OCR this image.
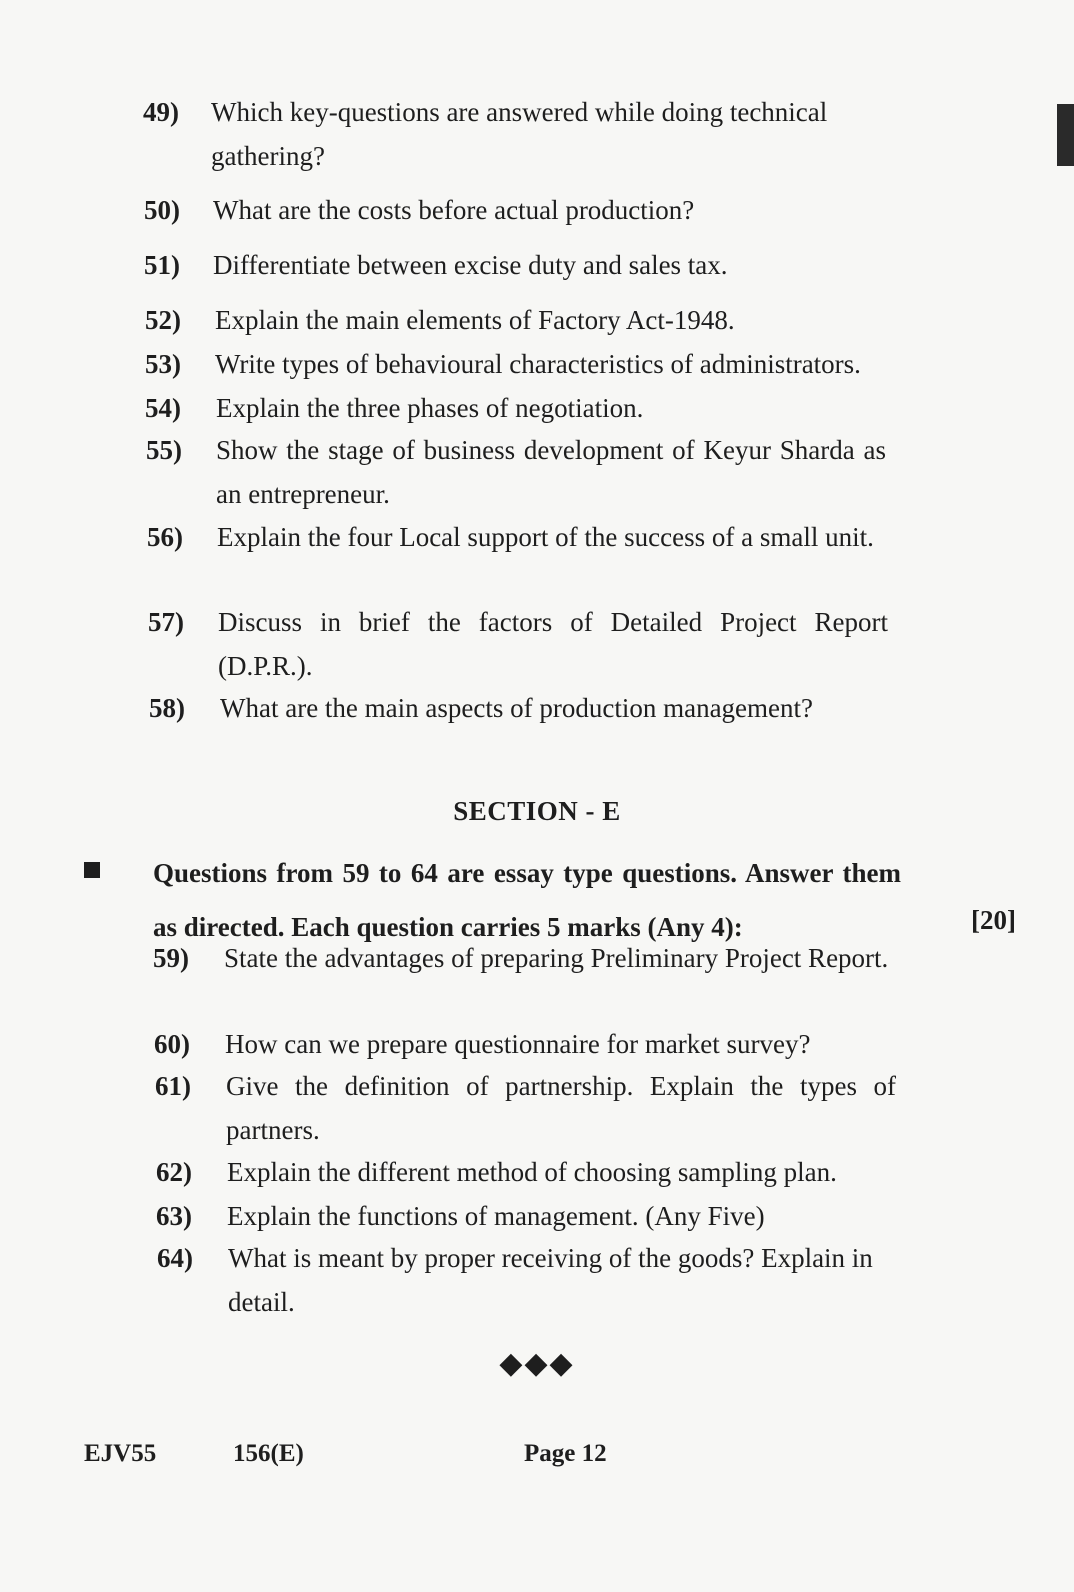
49)	Which key-questions are answered while doing technical gathering?
50)	What are the costs before actual production?
51)	Differentiate between excise duty and sales tax.
52)	Explain the main elements of Factory Act-1948.
53)	Write types of behavioural characteristics of administrators.
54)	Explain the three phases of negotiation.
55)	Show the stage of business development of Keyur Sharda as an entrepreneur.
56)	Explain the four Local support of the success of a small unit.
57)	Discuss in brief the factors of Detailed Project Report (D.P.R.).
58)	What are the main aspects of production management?
SECTION - E
Questions from 59 to 64 are essay type questions. Answer them as directed. Each question carries 5 marks (Any 4):	[20]
59)	State the advantages of preparing Preliminary Project Report.
60)	How can we prepare questionnaire for market survey?
61)	Give the definition of partnership. Explain the types of partners.
62)	Explain the different method of choosing sampling plan.
63)	Explain the functions of management. (Any Five)
64)	What is meant by proper receiving of the goods? Explain in detail.
◆◆◆
EJV55	156(E)	Page 12
